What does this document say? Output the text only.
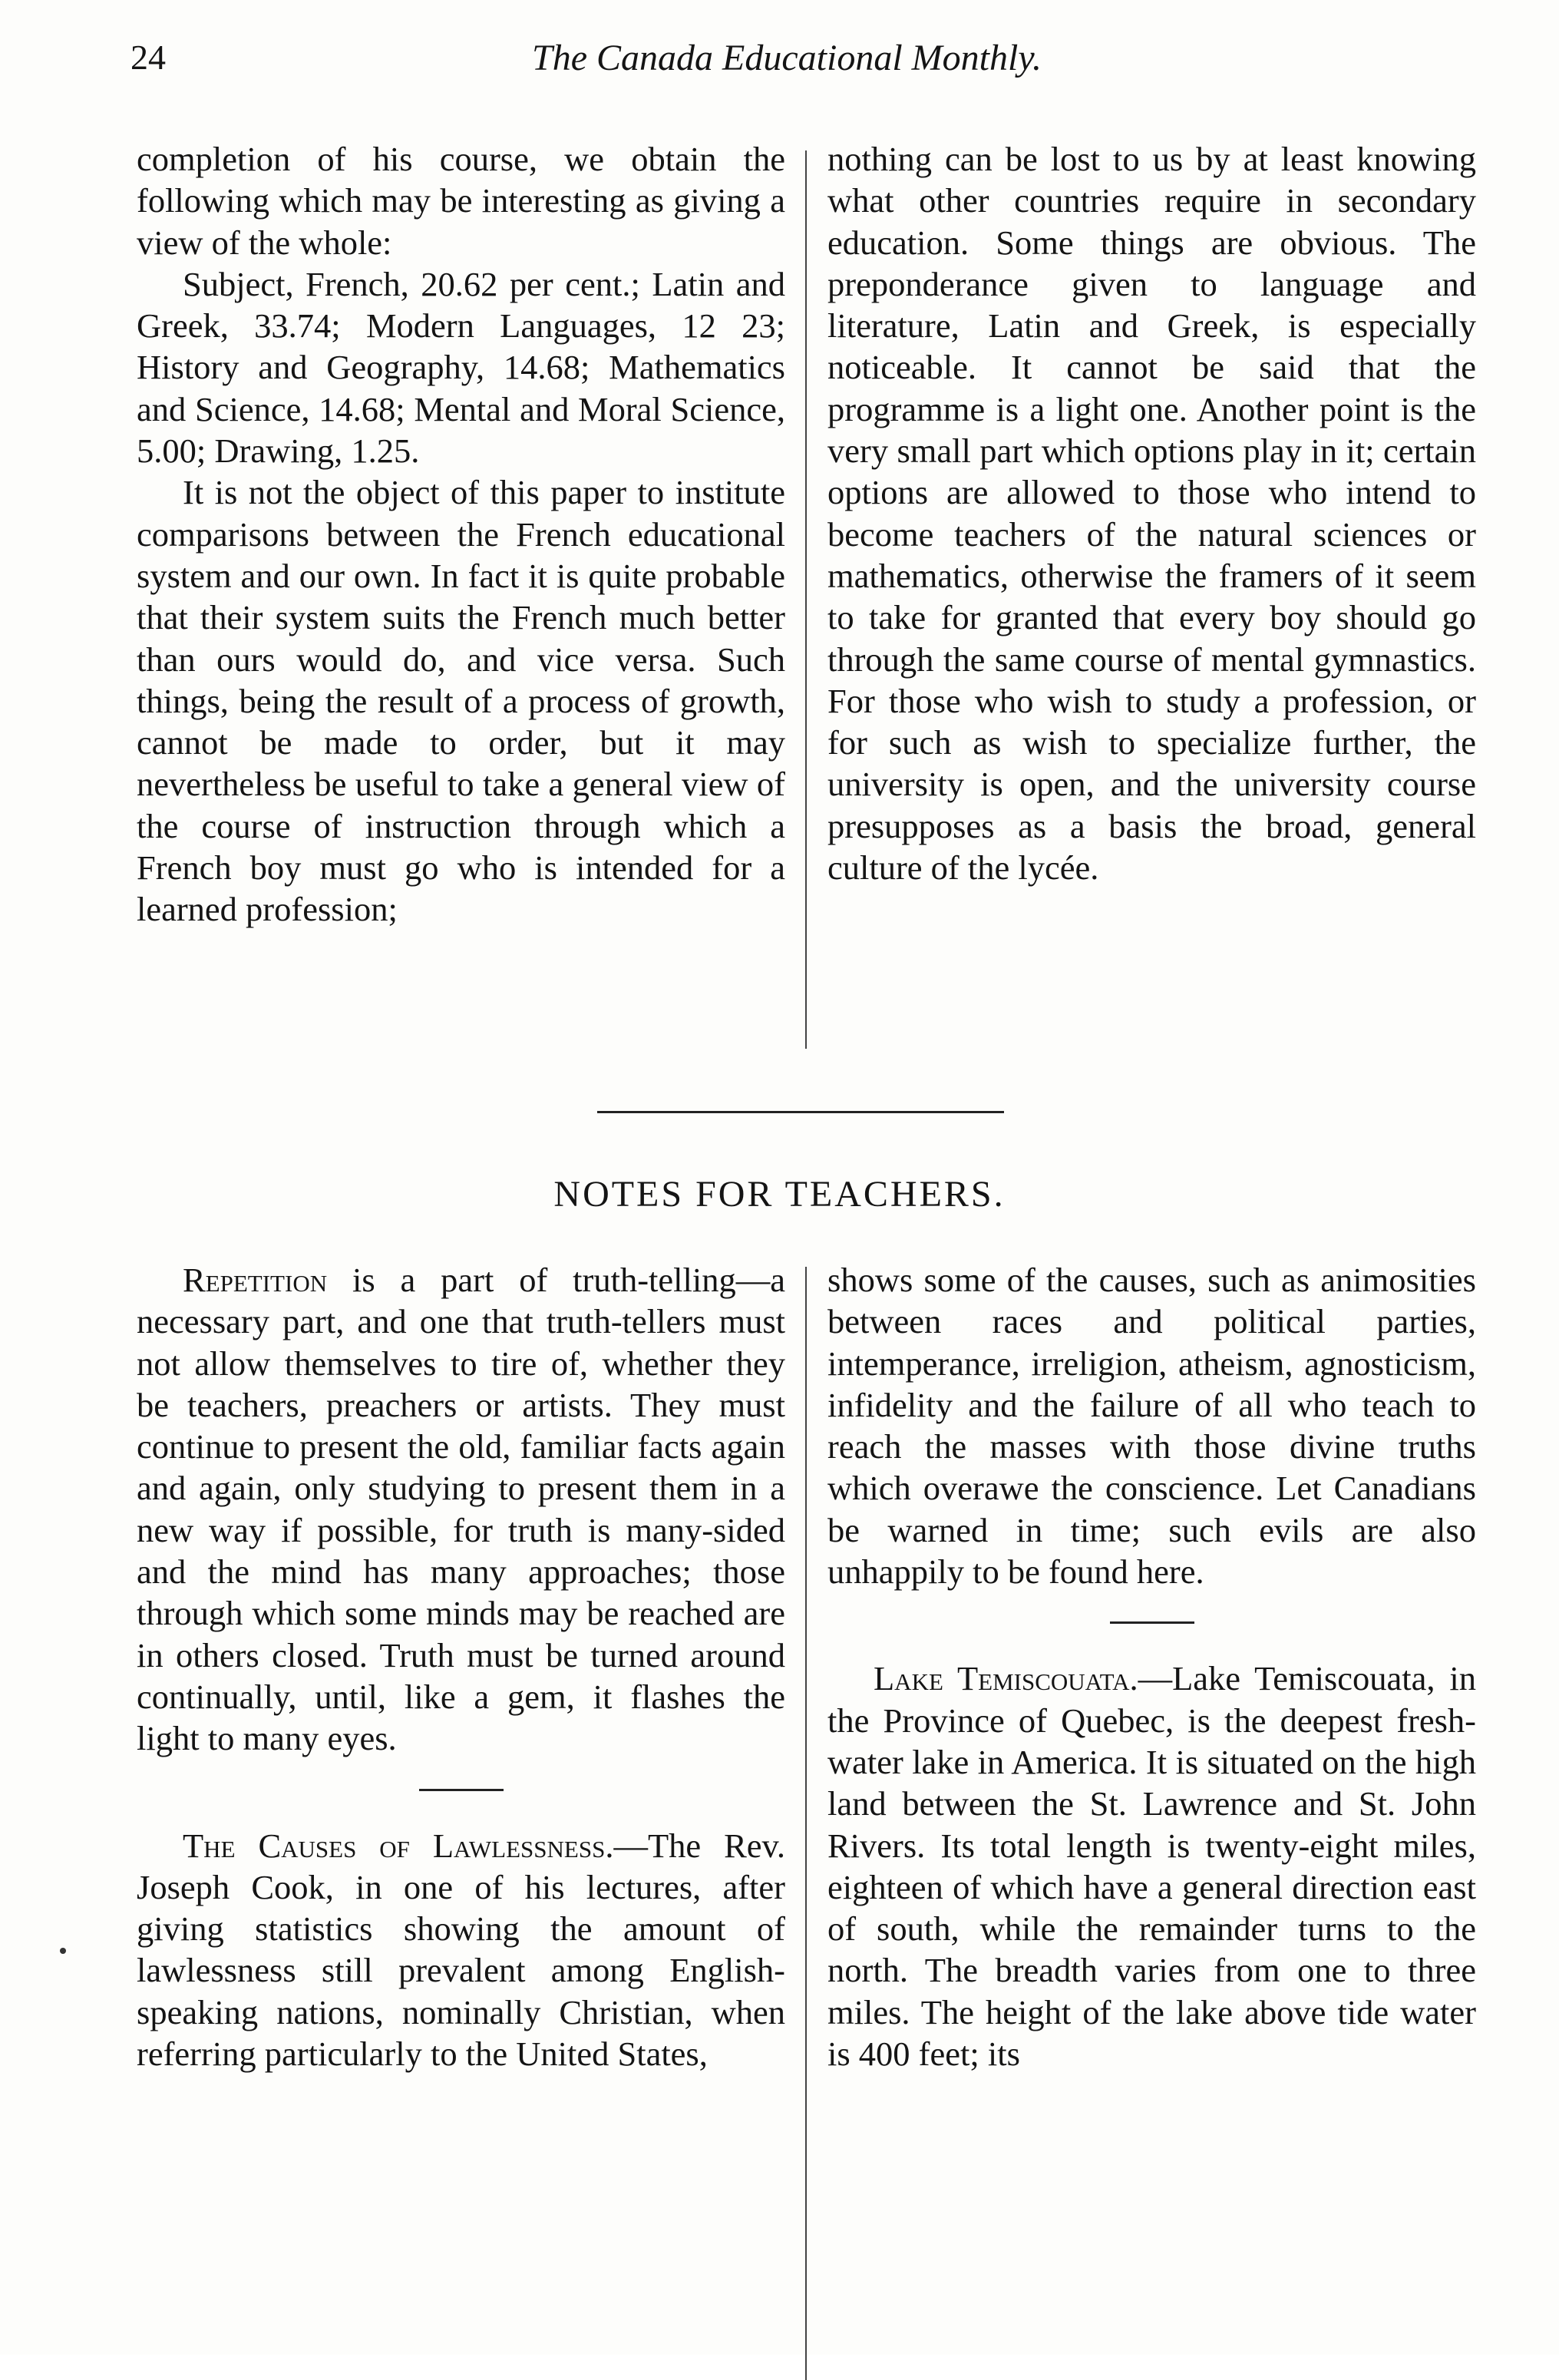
24	The Canada Educational Monthly.

completion of his course, we obtain the following which may be interesting as giving a view of the whole:

Subject, French, 20.62 per cent.; Latin and Greek, 33.74; Modern Languages, 12 23; History and Geography, 14.68; Mathematics and Science, 14.68; Mental and Moral Science, 5.00; Drawing, 1.25.

It is not the object of this paper to institute comparisons between the French educational system and our own. In fact it is quite probable that their system suits the French much better than ours would do, and vice versa. Such things, being the result of a process of growth, cannot be made to order, but it may nevertheless be useful to take a general view of the course of instruction through which a French boy must go who is intended for a learned profession;

nothing can be lost to us by at least knowing what other countries require in secondary education. Some things are obvious. The preponderance given to language and literature, Latin and Greek, is especially noticeable. It cannot be said that the programme is a light one. Another point is the very small part which options play in it; certain options are allowed to those who intend to become teachers of the natural sciences or mathematics, otherwise the framers of it seem to take for granted that every boy should go through the same course of mental gymnastics. For those who wish to study a profession, or for such as wish to specialize further, the university is open, and the university course presupposes as a basis the broad, general culture of the lycée.

NOTES FOR TEACHERS.

Repetition is a part of truth-telling—a necessary part, and one that truth-tellers must not allow themselves to tire of, whether they be teachers, preachers or artists. They must continue to present the old, familiar facts again and again, only studying to present them in a new way if possible, for truth is many-sided and the mind has many approaches; those through which some minds may be reached are in others closed. Truth must be turned around continually, until, like a gem, it flashes the light to many eyes.

The Causes of Lawlessness.—The Rev. Joseph Cook, in one of his lectures, after giving statistics showing the amount of lawlessness still prevalent among English-speaking nations, nominally Christian, when referring particularly to the United States,

shows some of the causes, such as animosities between races and political parties, intemperance, irreligion, atheism, agnosticism, infidelity and the failure of all who teach to reach the masses with those divine truths which overawe the conscience. Let Canadians be warned in time; such evils are also unhappily to be found here.

Lake Temiscouata.—Lake Temiscouata, in the Province of Quebec, is the deepest fresh-water lake in America. It is situated on the high land between the St. Lawrence and St. John Rivers. Its total length is twenty-eight miles, eighteen of which have a general direction east of south, while the remainder turns to the north. The breadth varies from one to three miles. The height of the lake above tide water is 400 feet; its
